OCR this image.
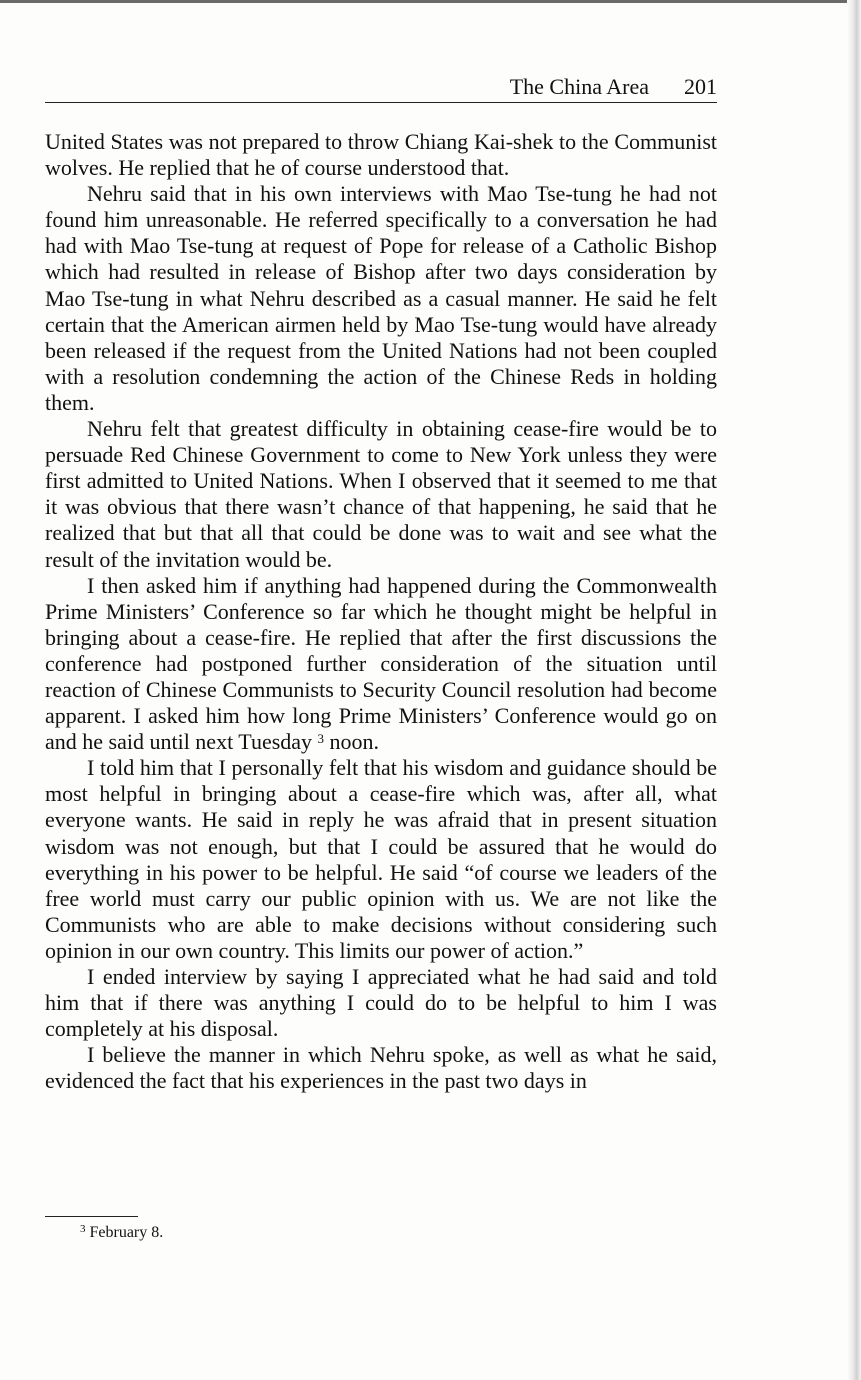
The China Area 201

United States was not prepared to throw Chiang Kai-shek to the Communist wolves. He replied that he of course understood that.

Nehru said that in his own interviews with Mao Tse-tung he had not found him unreasonable. He referred specifically to a conversation he had had with Mao Tse-tung at request of Pope for release of a Catholic Bishop which had resulted in release of Bishop after two days consideration by Mao Tse-tung in what Nehru described as a casual manner. He said he felt certain that the American airmen held by Mao Tse-tung would have already been released if the request from the United Nations had not been coupled with a resolution condemning the action of the Chinese Reds in holding them.

Nehru felt that greatest difficulty in obtaining cease-fire would be to persuade Red Chinese Government to come to New York unless they were first admitted to United Nations. When I observed that it seemed to me that it was obvious that there wasn’t chance of that happening, he said that he realized that but that all that could be done was to wait and see what the result of the invitation would be.

I then asked him if anything had happened during the Commonwealth Prime Ministers’ Conference so far which he thought might be helpful in bringing about a cease-fire. He replied that after the first discussions the conference had postponed further consideration of the situation until reaction of Chinese Communists to Security Council resolution had become apparent. I asked him how long Prime Ministers’ Conference would go on and he said until next Tuesday $^3$ noon.

I told him that I personally felt that his wisdom and guidance should be most helpful in bringing about a cease-fire which was, after all, what everyone wants. He said in reply he was afraid that in present situation wisdom was not enough, but that I could be assured that he would do everything in his power to be helpful. He said “of course we leaders of the free world must carry our public opinion with us. We are not like the Communists who are able to make decisions without considering such opinion in our own country. This limits our power of action.”

I ended interview by saying I appreciated what he had said and told him that if there was anything I could do to be helpful to him I was completely at his disposal.

I believe the manner in which Nehru spoke, as well as what he said, evidenced the fact that his experiences in the past two days in

$^3$ February 8.
